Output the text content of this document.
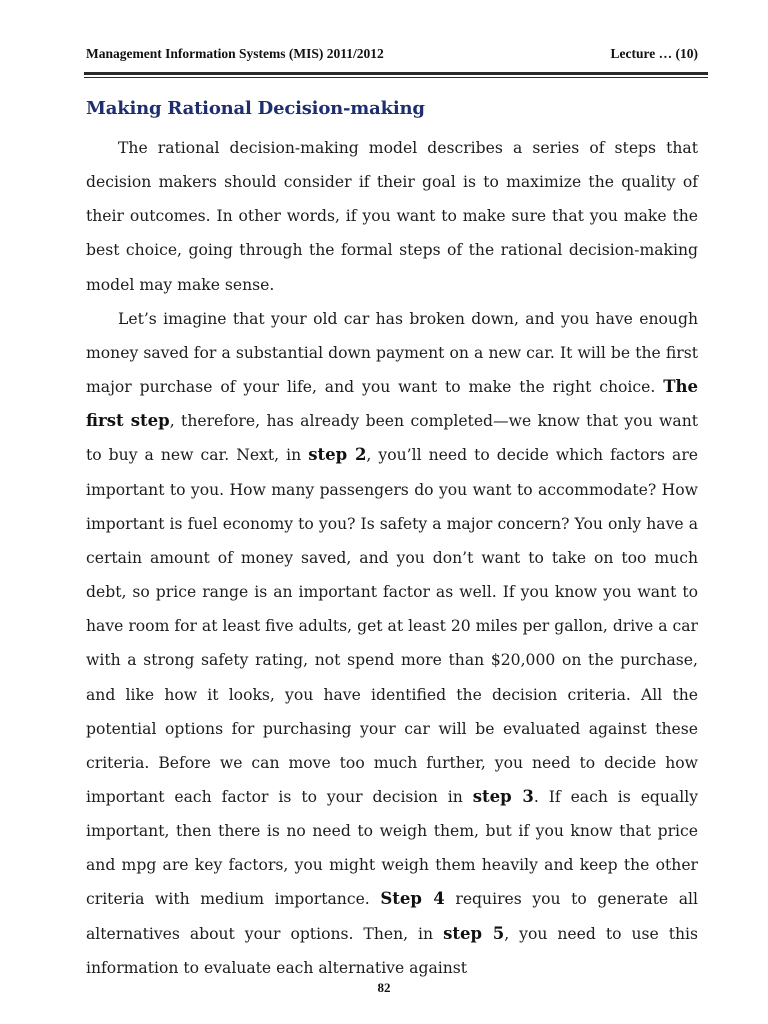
Management Information Systems (MIS) 2011/2012	Lecture … (10)
Making Rational Decision-making

The rational decision-making model describes a series of steps that decision makers should consider if their goal is to maximize the quality of their outcomes. In other words, if you want to make sure that you make the best choice, going through the formal steps of the rational decision-making model may make sense.

Let’s imagine that your old car has broken down, and you have enough money saved for a substantial down payment on a new car. It will be the first major purchase of your life, and you want to make the right choice. The first step, therefore, has already been completed—we know that you want to buy a new car. Next, in step 2, you’ll need to decide which factors are important to you. How many passengers do you want to accommodate? How important is fuel economy to you? Is safety a major concern? You only have a certain amount of money saved, and you don’t want to take on too much debt, so price range is an important factor as well. If you know you want to have room for at least five adults, get at least 20 miles per gallon, drive a car with a strong safety rating, not spend more than $20,000 on the purchase, and like how it looks, you have identified the decision criteria. All the potential options for purchasing your car will be evaluated against these criteria. Before we can move too much further, you need to decide how important each factor is to your decision in step 3. If each is equally important, then there is no need to weigh them, but if you know that price and mpg are key factors, you might weigh them heavily and keep the other criteria with medium importance. Step 4 requires you to generate all alternatives about your options. Then, in step 5, you need to use this information to evaluate each alternative against

82
